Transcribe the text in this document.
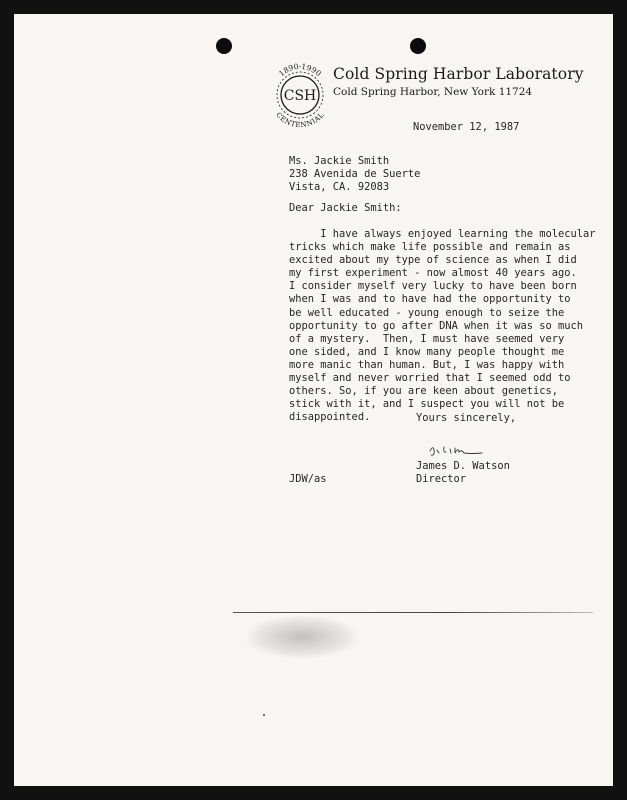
1890-1990
CSH
CENTENNIAL
Cold Spring Harbor Laboratory
Cold Spring Harbor, New York 11724
November 12, 1987
Ms. Jackie Smith
238 Avenida de Suerte
Vista, CA. 92083
Dear Jackie Smith:
I have always enjoyed learning the molecular
tricks which make life possible and remain as
excited about my type of science as when I did
my first experiment - now almost 40 years ago.
I consider myself very lucky to have been born
when I was and to have had the opportunity to
be well educated - young enough to seize the
opportunity to go after DNA when it was so much
of a mystery.  Then, I must have seemed very
one sided, and I know many people thought me
more manic than human. But, I was happy with
myself and never worried that I seemed odd to
others. So, if you are keen about genetics,
stick with it, and I suspect you will not be
disappointed.	Yours sincerely,
James D. Watson
Director
JDW/as
